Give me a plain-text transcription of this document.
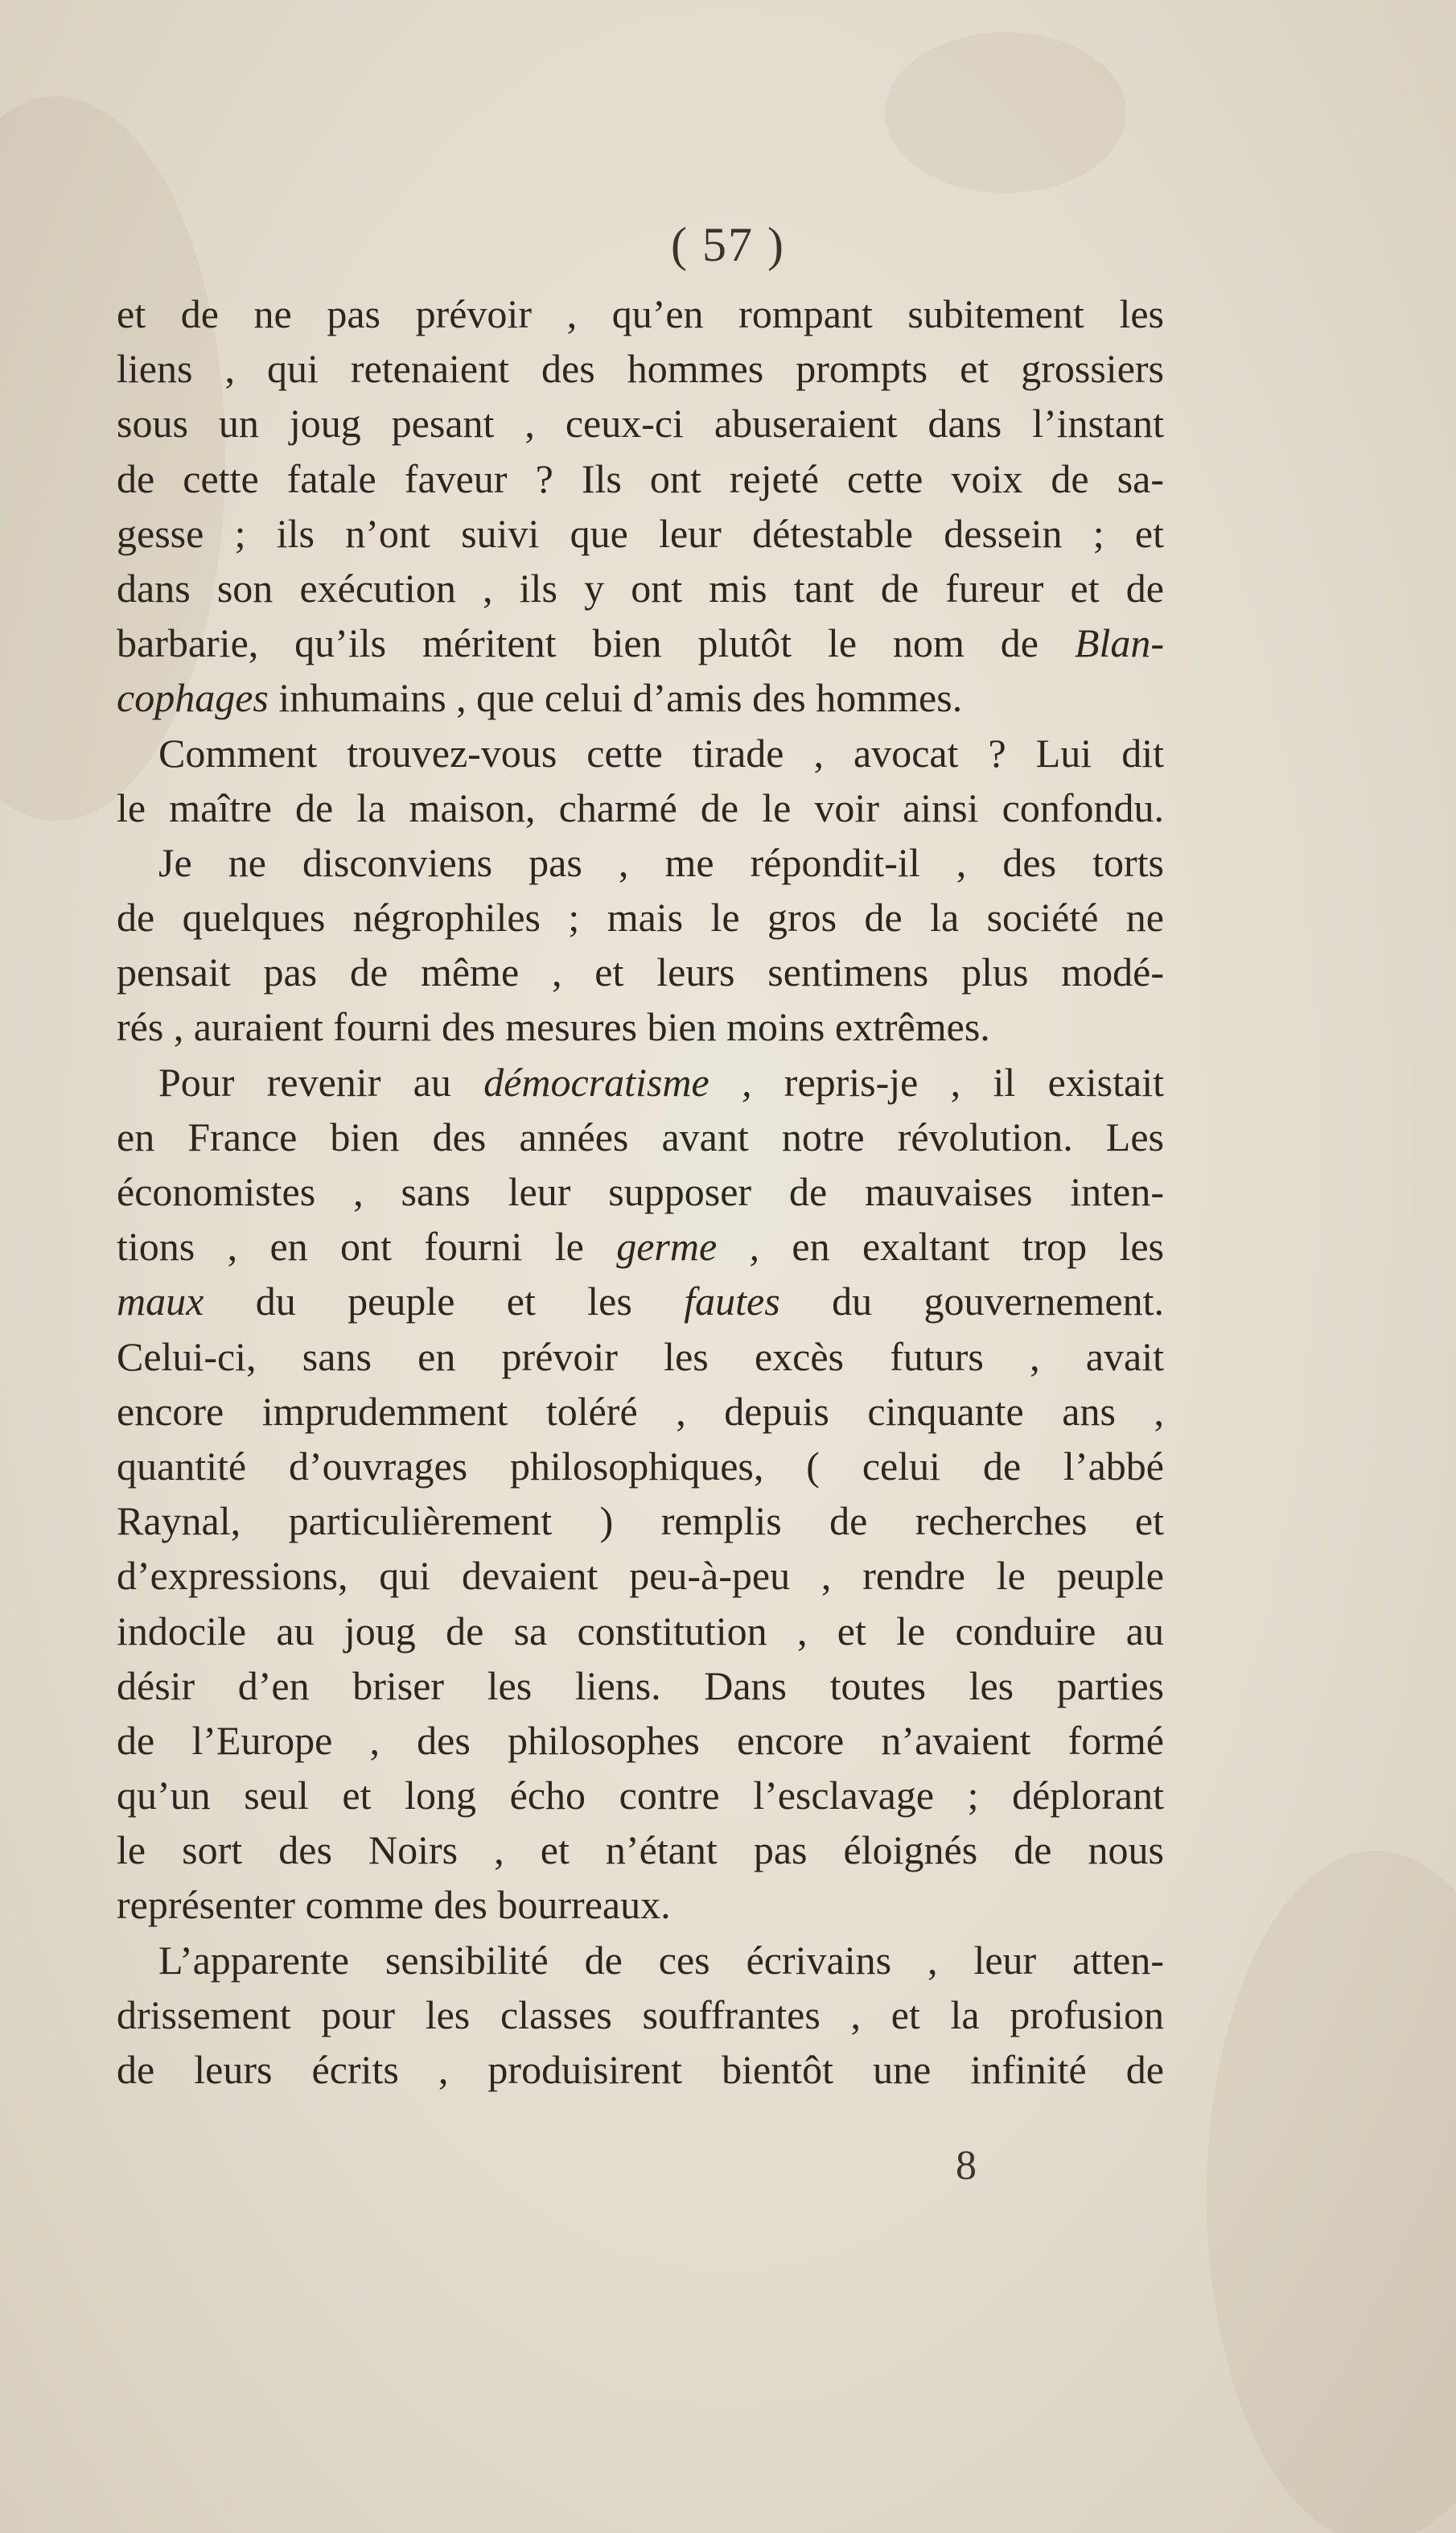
( 57 )
et de ne pas prévoir , qu’en rompant subitement les
liens , qui retenaient des hommes prompts et grossiers
sous un joug pesant , ceux-ci abuseraient dans l’instant
de cette fatale faveur ? Ils ont rejeté cette voix de sa-
gesse ; ils n’ont suivi que leur détestable dessein ; et
dans son exécution , ils y ont mis tant de fureur et de
barbarie, qu’ils méritent bien plutôt le nom de Blan-
cophages inhumains , que celui d’amis des hommes.
Comment trouvez-vous cette tirade , avocat ? Lui dit
le maître de la maison, charmé de le voir ainsi confondu.
Je ne disconviens pas , me répondit-il , des torts
de quelques négrophiles ; mais le gros de la société ne
pensait pas de même , et leurs sentimens plus modé-
rés , auraient fourni des mesures bien moins extrêmes.
Pour revenir au démocratisme , repris-je , il existait
en France bien des années avant notre révolution. Les
économistes , sans leur supposer de mauvaises inten-
tions , en ont fourni le germe , en exaltant trop les
maux du peuple et les fautes du gouvernement.
Celui-ci, sans en prévoir les excès futurs , avait
encore imprudemment toléré , depuis cinquante ans ,
quantité d’ouvrages philosophiques, ( celui de l’abbé
Raynal, particulièrement ) remplis de recherches et
d’expressions, qui devaient peu-à-peu , rendre le peuple
indocile au joug de sa constitution , et le conduire au
désir d’en briser les liens. Dans toutes les parties
de l’Europe , des philosophes encore n’avaient formé
qu’un seul et long écho contre l’esclavage ; déplorant
le sort des Noirs , et n’étant pas éloignés de nous
représenter comme des bourreaux.
L’apparente sensibilité de ces écrivains , leur atten-
drissement pour les classes souffrantes , et la profusion
de leurs écrits , produisirent bientôt une infinité de
8
